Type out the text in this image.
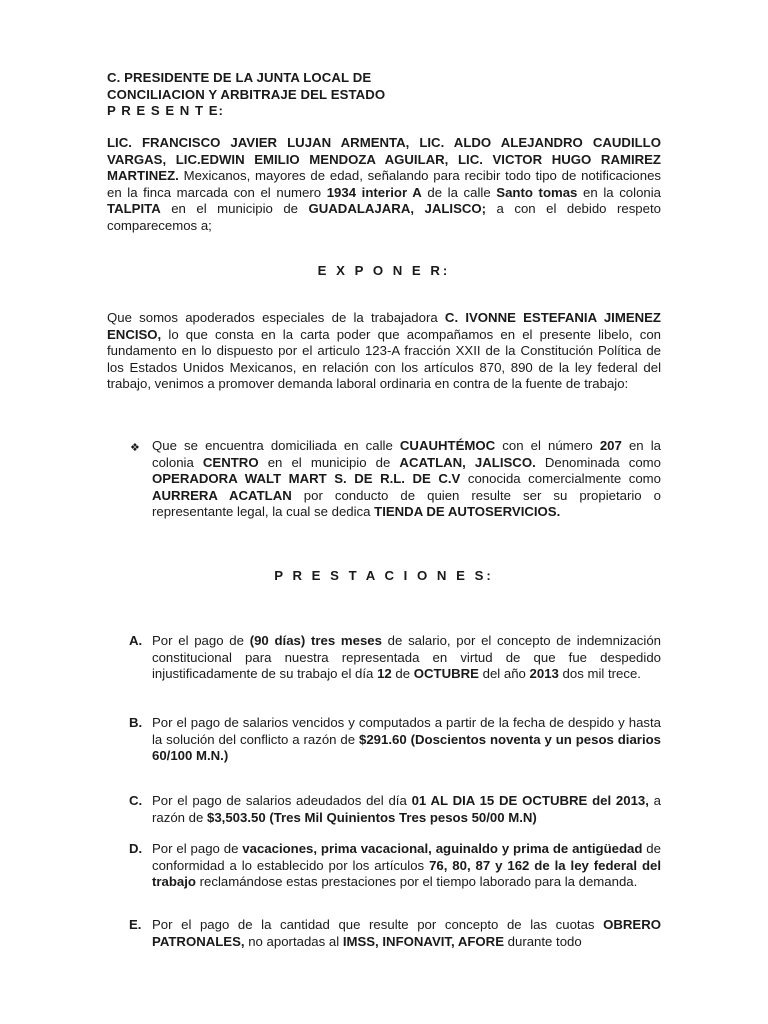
C. PRESIDENTE DE LA JUNTA LOCAL DE
CONCILIACION Y ARBITRAJE DEL ESTADO
P R E S E N T E:

LIC. FRANCISCO JAVIER LUJAN ARMENTA, LIC. ALDO ALEJANDRO CAUDILLO VARGAS, LIC.EDWIN EMILIO MENDOZA AGUILAR, LIC. VICTOR HUGO RAMIREZ MARTINEZ. Mexicanos, mayores de edad, señalando para recibir todo tipo de notificaciones en la finca marcada con el numero 1934 interior A de la calle Santo tomas en la colonia TALPITA en el municipio de GUADALAJARA, JALISCO; a con el debido respeto comparecemos a;

E X P O N E R:

Que somos apoderados especiales de la trabajadora C. IVONNE ESTEFANIA JIMENEZ ENCISO, lo que consta en la carta poder que acompañamos en el presente libelo, con fundamento en lo dispuesto por el articulo 123-A fracción XXII de la Constitución Política de los Estados Unidos Mexicanos, en relación con los artículos 870, 890 de la ley federal del trabajo, venimos a promover demanda laboral ordinaria en contra de la fuente de trabajo:

❖ Que se encuentra domiciliada en calle CUAUHTÉMOC con el número 207 en la colonia CENTRO en el municipio de ACATLAN, JALISCO. Denominada como OPERADORA WALT MART S. DE R.L. DE C.V conocida comercialmente como AURRERA ACATLAN por conducto de quien resulte ser su propietario o representante legal, la cual se dedica TIENDA DE AUTOSERVICIOS.

P R E S T A C I O N E S:

A. Por el pago de (90 días) tres meses de salario, por el concepto de indemnización constitucional para nuestra representada en virtud de que fue despedido injustificadamente de su trabajo el día 12 de OCTUBRE del año 2013 dos mil trece.

B. Por el pago de salarios vencidos y computados a partir de la fecha de despido y hasta la solución del conflicto a razón de $291.60 (Doscientos noventa y un pesos diarios 60/100 M.N.)

C. Por el pago de salarios adeudados del día 01 AL DIA 15 DE OCTUBRE del 2013, a razón de $3,503.50 (Tres Mil Quinientos Tres pesos 50/00 M.N)

D. Por el pago de vacaciones, prima vacacional, aguinaldo y prima de antigüedad de conformidad a lo establecido por los artículos 76, 80, 87 y 162 de la ley federal del trabajo reclamándose estas prestaciones por el tiempo laborado para la demanda.

E. Por el pago de la cantidad que resulte por concepto de las cuotas OBRERO PATRONALES, no aportadas al IMSS, INFONAVIT, AFORE durante todo
